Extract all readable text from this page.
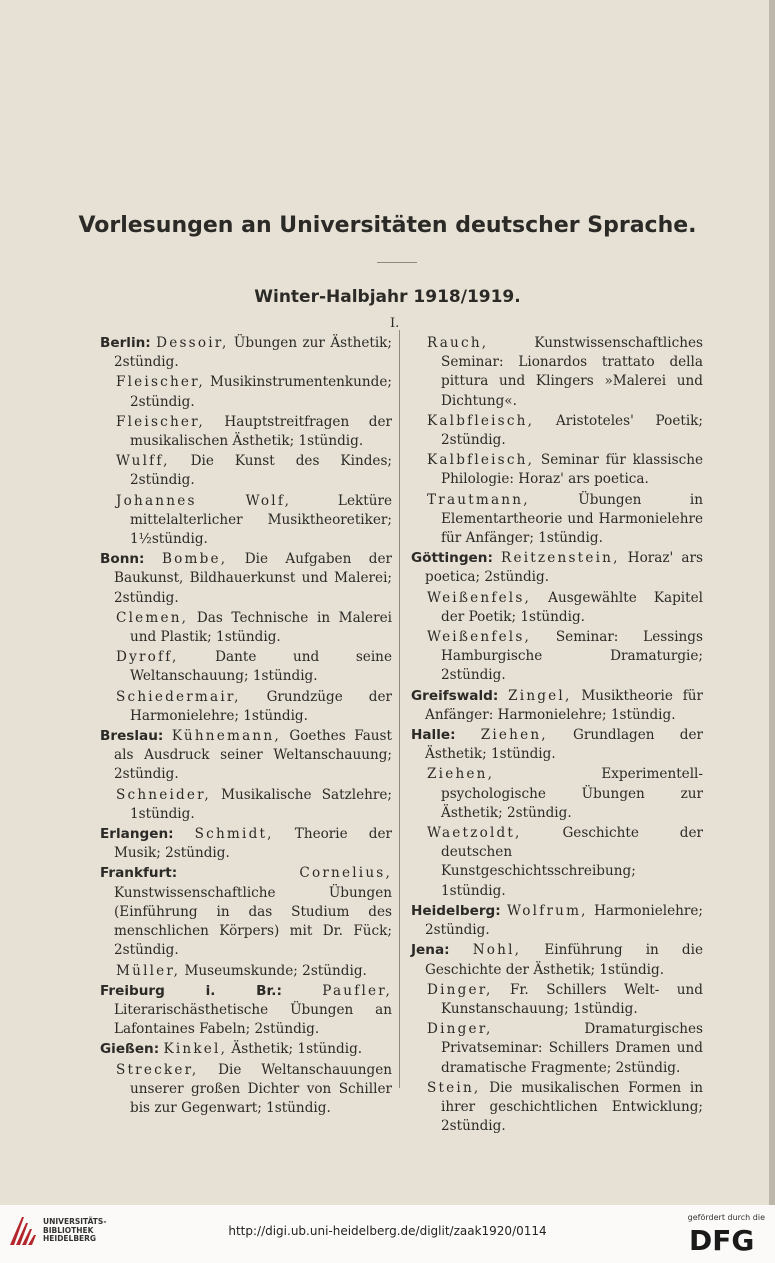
Vorlesungen an Universitäten deutscher Sprache.
Winter-Halbjahr 1918/1919.
I.
Berlin: Dessoir, Übungen zur Ästhetik; 2stündig.
Fleischer, Musikinstrumentenkunde; 2stündig.
Fleischer, Hauptstreitfragen der musikalischen Ästhetik; 1stündig.
Wulff, Die Kunst des Kindes; 2stündig.
Johannes Wolf,	Lektüre mittelalterlicher Musiktheoretiker; 1½stündig.
Bonn: Bombe, Die Aufgaben der Baukunst, Bildhauerkunst und Malerei; 2stündig.
Clemen, Das Technische in Malerei und Plastik; 1stündig.
Dyroff,	Dante und seine Weltanschauung; 1stündig.
Schiedermair, Grundzüge der Harmonielehre; 1stündig.
Breslau: Kühnemann, Goethes Faust als Ausdruck seiner Weltanschauung; 2stündig.
Schneider, Musikalische Satzlehre; 1stündig.
Erlangen: Schmidt, Theorie der Musik; 2stündig.
Frankfurt:	Cornelius, Kunstwissenschaftliche Übungen (Einführung in das Studium des menschlichen Körpers) mit Dr. Fück; 2stündig.
Müller, Museumskunde; 2stündig.
Freiburg i. Br.:	Paufler, Literarischästhetische Übungen an Lafontaines Fabeln; 2stündig.
Gießen: Kinkel, Ästhetik; 1stündig.
Strecker, Die Weltanschauungen unserer großen Dichter von Schiller bis zur Gegenwart; 1stündig.
Rauch,	Kunstwissenschaftliches Seminar: Lionardos trattato della pittura und Klingers »Malerei und Dichtung«.
Kalbfleisch, Aristoteles' Poetik; 2stündig.
Kalbfleisch, Seminar für klassische Philologie: Horaz' ars poetica.
Trautmann,	Übungen in Elementartheorie und Harmonielehre für Anfänger; 1stündig.
Göttingen: Reitzenstein, Horaz' ars poetica; 2stündig.
Weißenfels, Ausgewählte Kapitel der Poetik; 1stündig.
Weißenfels, Seminar: Lessings Hamburgische Dramaturgie; 2stündig.
Greifswald: Zingel, Musiktheorie für Anfänger: Harmonielehre; 1stündig.
Halle: Ziehen, Grundlagen der Ästhetik; 1stündig.
Ziehen,	Experimentell-psychologische Übungen zur Ästhetik; 2stündig.
Waetzoldt,	Geschichte der deutschen Kunstgeschichtsschreibung; 1stündig.
Heidelberg: Wolfrum, Harmonielehre; 2stündig.
Jena: Nohl, Einführung in die Geschichte der Ästhetik; 1stündig.
Dinger, Fr. Schillers Welt- und Kunstanschauung; 1stündig.
Dinger,	Dramaturgisches Privatseminar: Schillers Dramen und dramatische Fragmente; 2stündig.
Stein, Die musikalischen Formen in ihrer geschichtlichen Entwicklung; 2stündig.
UNIVERSITÄTS-
BIBLIOTHEK
HEIDELBERG
http://digi.ub.uni-heidelberg.de/diglit/zaak1920/0114
gefördert durch die
DFG
